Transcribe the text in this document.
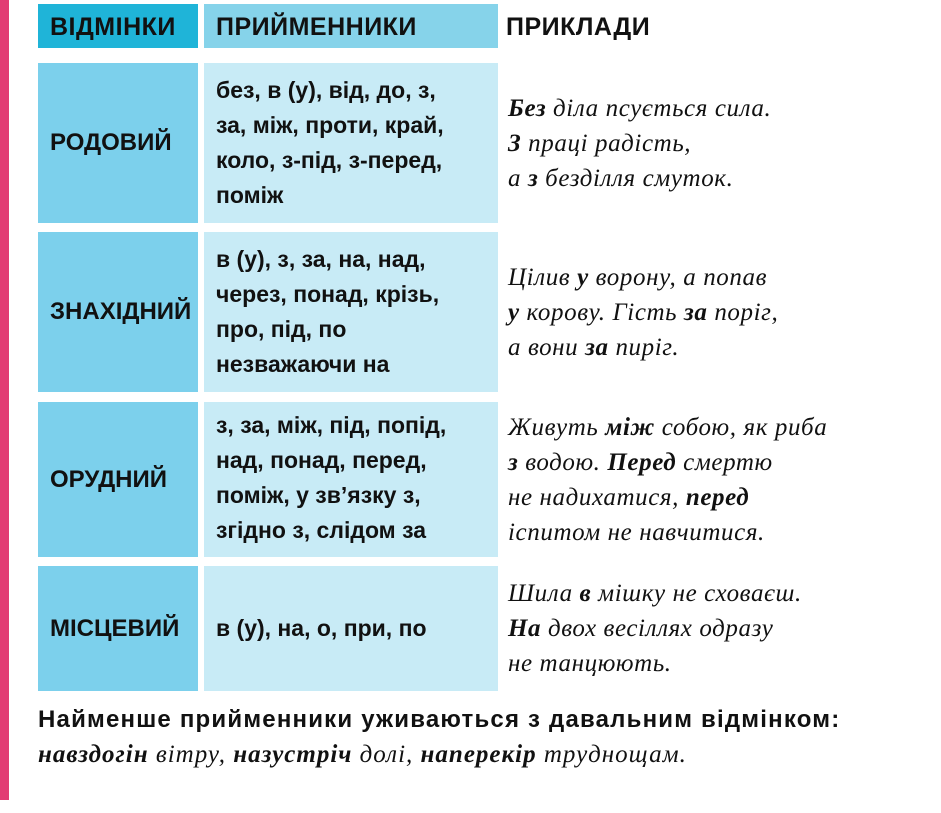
ВІДМІНКИ	ПРИЙМЕННИКИ	ПРИКЛАДИ
РОДОВИЙ
без, в (у), від, до, з,
за, між, проти, край,
коло, з-під, з-перед,
поміж
Без діла псується сила.
З праці радість,
а з безділля смуток.
ЗНАХІДНИЙ
в (у), з, за, на, над,
через, понад, крізь,
про, під, по
незважаючи на
Цілив у ворону, а попав
у корову. Гість за поріг,
а вони за пиріг.
ОРУДНИЙ
з, за, між, під, попід,
над, понад, перед,
поміж, у зв’язку з,
згідно з, слідом за
Живуть між собою, як риба
з водою. Перед смертю
не надихатися, перед
іспитом не навчитися.
МІСЦЕВИЙ в (у), на, о, при, по
Шила в мішку не сховаєш.
На двох весіллях одразу
не танцюють.
Найменше прийменники уживаються з давальним відмінком: навздогін вітру, назустріч долі, наперекір труднощам.
